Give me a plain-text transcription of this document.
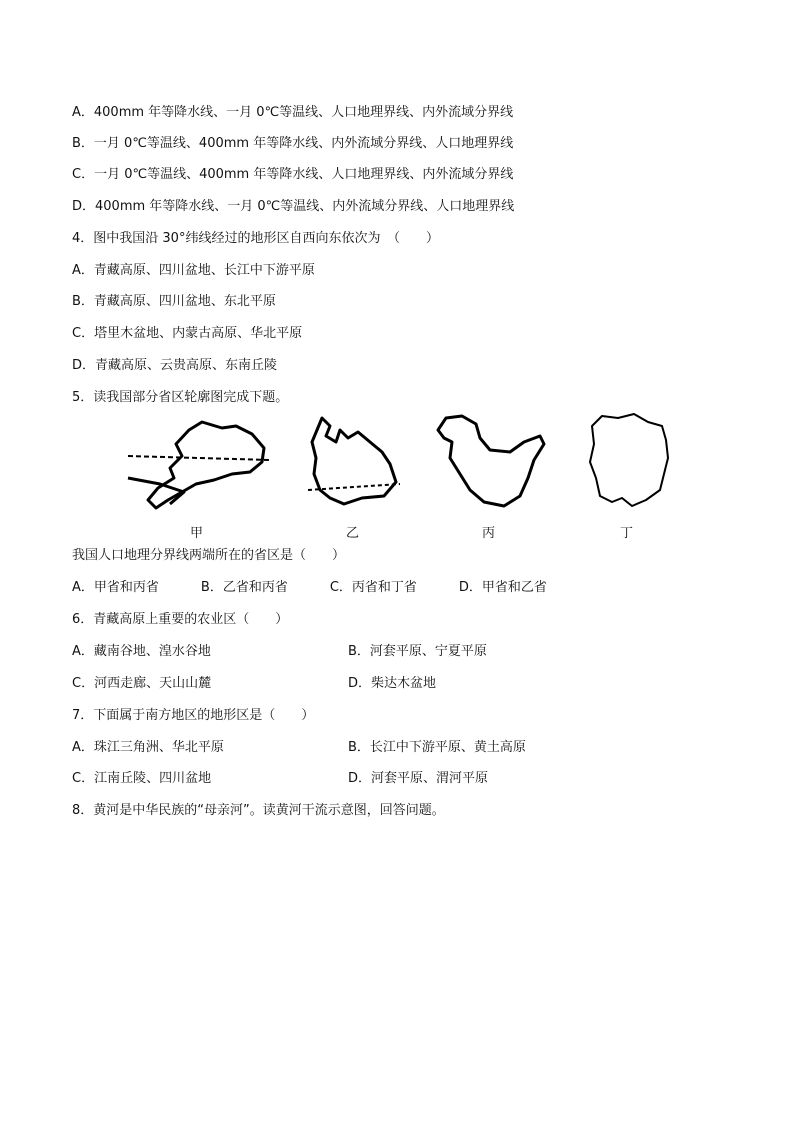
A．400mm 年等降水线、一月 0℃等温线、人口地理界线、内外流域分界线
B．一月 0℃等温线、400mm 年等降水线、内外流域分界线、人口地理界线
C．一月 0℃等温线、400mm 年等降水线、人口地理界线、内外流域分界线
D．400mm 年等降水线、一月 0℃等温线、内外流域分界线、人口地理界线
4．图中我国沿 30°纬线经过的地形区自西向东依次为　（　　）
A．青藏高原、四川盆地、长江中下游平原
B．青藏高原、四川盆地、东北平原
C．塔里木盆地、内蒙古高原、华北平原
D．青藏高原、云贵高原、东南丘陵
5．读我国部分省区轮廓图完成下题。
甲	乙	丙	丁
我国人口地理分界线两端所在的省区是（　　）
A．甲省和丙省	B．乙省和丙省	C．丙省和丁省	D．甲省和乙省
6．青藏高原上重要的农业区（　　）
A．藏南谷地、湟水谷地	B．河套平原、宁夏平原
C．河西走廊、天山山麓	D．柴达木盆地
7．下面属于南方地区的地形区是（　　）
A．珠江三角洲、华北平原	B．长江中下游平原、黄土高原
C．江南丘陵、四川盆地	D．河套平原、渭河平原
8．黄河是中华民族的“母亲河”。读黄河干流示意图，回答问题。
